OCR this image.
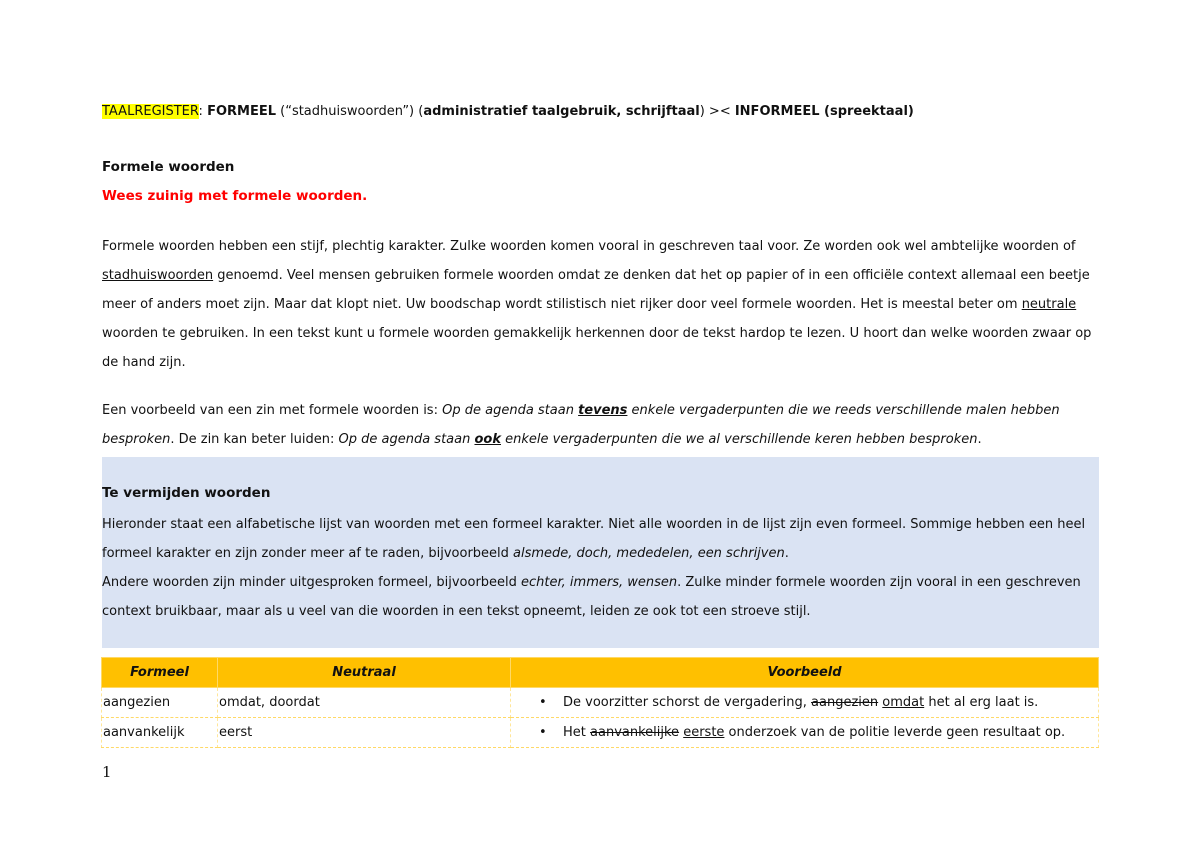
TAALREGISTER: FORMEEL (“stadhuiswoorden”) (administratief taalgebruik, schrijftaal) >< INFORMEEL (spreektaal)
Formele woorden
Wees zuinig met formele woorden.
Formele woorden hebben een stijf, plechtig karakter. Zulke woorden komen vooral in geschreven taal voor. Ze worden ook wel ambtelijke woorden of stadhuiswoorden genoemd. Veel mensen gebruiken formele woorden omdat ze denken dat het op papier of in een officiële context allemaal een beetje meer of anders moet zijn. Maar dat klopt niet. Uw boodschap wordt stilistisch niet rijker door veel formele woorden. Het is meestal beter om neutrale woorden te gebruiken. In een tekst kunt u formele woorden gemakkelijk herkennen door de tekst hardop te lezen. U hoort dan welke woorden zwaar op de hand zijn.
Een voorbeeld van een zin met formele woorden is: Op de agenda staan tevens enkele vergaderpunten die we reeds verschillende malen hebben besproken. De zin kan beter luiden: Op de agenda staan ook enkele vergaderpunten die we al verschillende keren hebben besproken.
Te vermijden woorden
Hieronder staat een alfabetische lijst van woorden met een formeel karakter. Niet alle woorden in de lijst zijn even formeel. Sommige hebben een heel formeel karakter en zijn zonder meer af te raden, bijvoorbeeld alsmede, doch, mededelen, een schrijven.
Andere woorden zijn minder uitgesproken formeel, bijvoorbeeld echter, immers, wensen. Zulke minder formele woorden zijn vooral in een geschreven context bruikbaar, maar als u veel van die woorden in een tekst opneemt, leiden ze ook tot een stroeve stijl.
Formeel	Neutraal	Voorbeeld
aangezien	omdat, doordat	• De voorzitter schorst de vergadering, aangezien omdat het al erg laat is.
aanvankelijk	eerst	• Het aanvankelijke eerste onderzoek van de politie leverde geen resultaat op.
1
